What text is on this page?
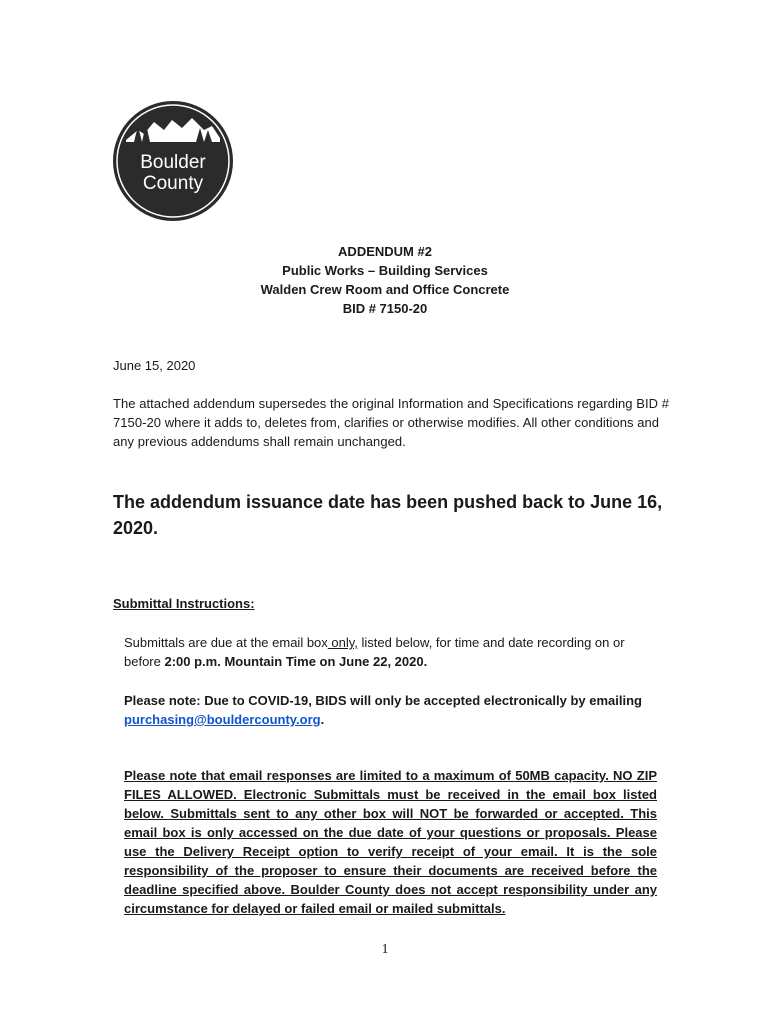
Boulder
County
ADDENDUM #2
Public Works – Building Services
Walden Crew Room and Office Concrete
BID # 7150-20
June 15, 2020
The attached addendum supersedes the original Information and Specifications regarding BID # 7150-20 where it adds to, deletes from, clarifies or otherwise modifies. All other conditions and any previous addendums shall remain unchanged.
The addendum issuance date has been pushed back to June 16, 2020.
Submittal Instructions:
Submittals are due at the email box only, listed below, for time and date recording on or before 2:00 p.m. Mountain Time on June 22, 2020.
Please note: Due to COVID-19, BIDS will only be accepted electronically by emailing purchasing@bouldercounty.org.
Please note that email responses are limited to a maximum of 50MB capacity. NO ZIP FILES ALLOWED. Electronic Submittals must be received in the email box listed below. Submittals sent to any other box will NOT be forwarded or accepted. This email box is only accessed on the due date of your questions or proposals. Please use the Delivery Receipt option to verify receipt of your email. It is the sole responsibility of the proposer to ensure their documents are received before the deadline specified above. Boulder County does not accept responsibility under any circumstance for delayed or failed email or mailed submittals.
1
